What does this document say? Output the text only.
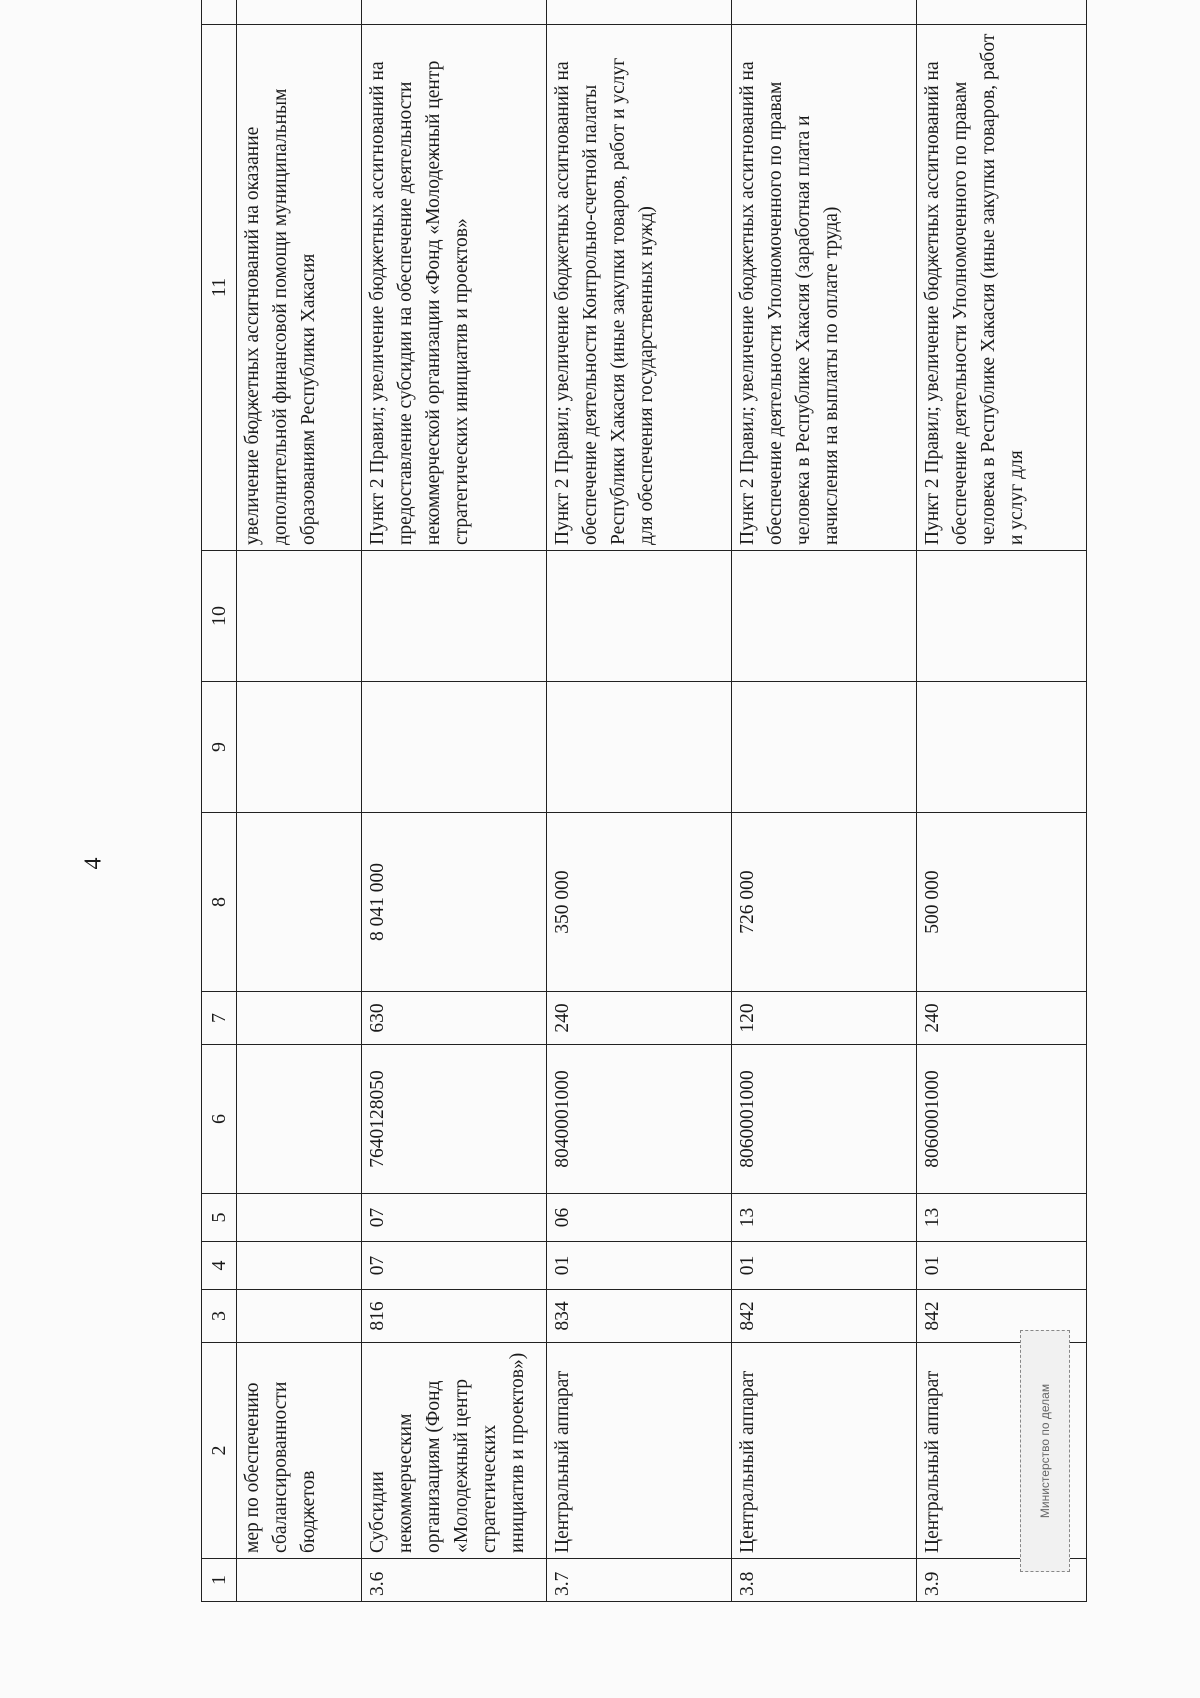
4
1	2	3	4	5	6	7	8	9	10	11	
	мер по обеспечению сбалансированности бюджетов									увеличение бюджетных ассигнований на оказание дополнительной финансовой помощи муниципальным образованиям Республики Хакасия	
3.6	Субсидии некоммерческим организациям (Фонд «Молодежный центр стратегических инициатив и проектов»)	816	07	07	7640128050	630	8 041 000			Пункт 2 Правил; увеличение бюджетных ассигнований на предоставление субсидии на обеспечение деятельности некоммерческой организации «Фонд «Молодежный центр стратегических инициатив и проектов»	
3.7	Центральный аппарат	834	01	06	8040001000	240	350 000			Пункт 2 Правил; увеличение бюджетных ассигнований на обеспечение деятельности Контрольно-счетной палаты Республики Хакасия (иные закупки товаров, работ и услуг для обеспечения государственных нужд)	
3.8	Центральный аппарат	842	01	13	8060001000	120	726 000			Пункт 2 Правил; увеличение бюджетных ассигнований на обеспечение деятельности Уполномоченного по правам человека в Республике Хакасия (заработная плата и начисления на выплаты по оплате труда)	
3.9	Центральный аппарат	842	01	13	8060001000	240	500 000			Пункт 2 Правил; увеличение бюджетных ассигнований на обеспечение деятельности Уполномоченного по правам человека в Республике Хакасия (иные закупки товаров, работ и услуг для	
Министерство по делам
